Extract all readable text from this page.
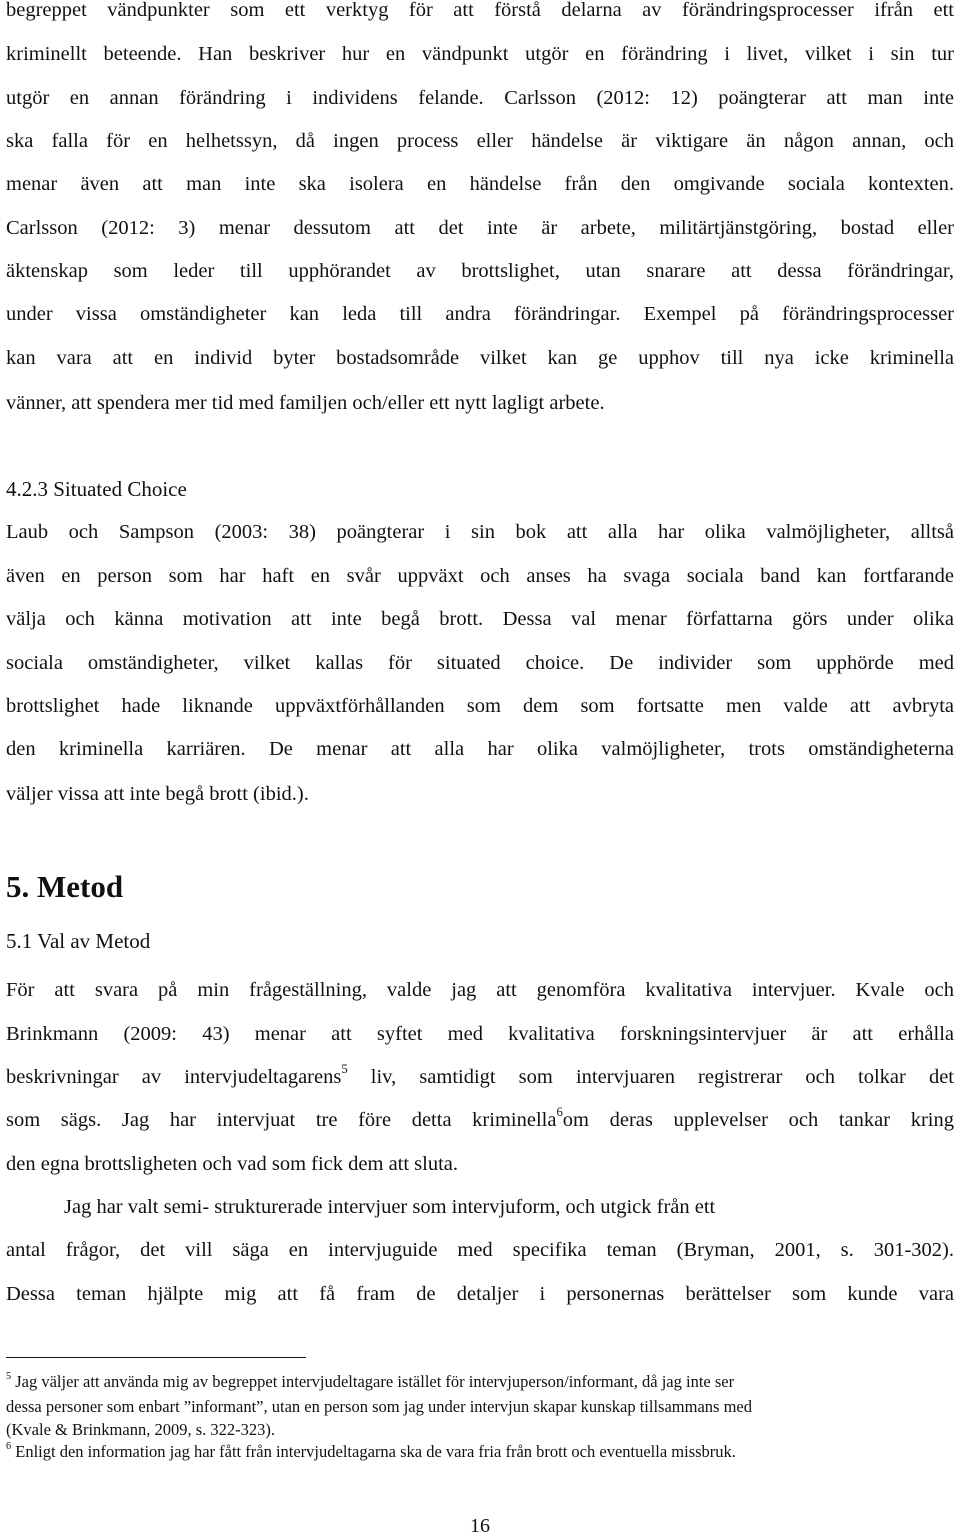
begreppet vändpunkter som ett verktyg för att förstå delarna av förändringsprocesser ifrån ett
kriminellt beteende. Han beskriver hur en vändpunkt utgör en förändring i livet, vilket i sin tur
utgör en annan förändring i individens felande. Carlsson (2012: 12) poängterar att man inte
ska falla för en helhetssyn, då ingen process eller händelse är viktigare än någon annan, och
menar även att man inte ska isolera en händelse från den omgivande sociala kontexten.
Carlsson (2012: 3) menar dessutom att det inte är arbete, militärtjänstgöring, bostad eller
äktenskap som leder till upphörandet av brottslighet, utan snarare att dessa förändringar,
under vissa omständigheter kan leda till andra förändringar. Exempel på förändringsprocesser
kan vara att en individ byter bostadsområde vilket kan ge upphov till nya icke kriminella
vänner, att spendera mer tid med familjen och/eller ett nytt lagligt arbete.
4.2.3 Situated Choice
Laub och Sampson (2003: 38) poängterar i sin bok att alla har olika valmöjligheter, alltså
även en person som har haft en svår uppväxt och anses ha svaga sociala band kan fortfarande
välja och känna motivation att inte begå brott. Dessa val menar författarna görs under olika
sociala omständigheter, vilket kallas för situated choice. De individer som upphörde med
brottslighet hade liknande uppväxtförhållanden som dem som fortsatte men valde att avbryta
den kriminella karriären. De menar att alla har olika valmöjligheter, trots omständigheterna
väljer vissa att inte begå brott (ibid.).
5. Metod
5.1 Val av Metod
För att svara på min frågeställning, valde jag att genomföra kvalitativa intervjuer. Kvale och
Brinkmann (2009: 43) menar att syftet med kvalitativa forskningsintervjuer är att erhålla
beskrivningar av intervjudeltagarens$^5$ liv, samtidigt som intervjuaren registrerar och tolkar det
som sägs. Jag har intervjuat tre före detta kriminella$^6$om deras upplevelser och tankar kring
den egna brottsligheten och vad som fick dem att sluta.
Jag har valt semi- strukturerade intervjuer som intervjuform, och utgick från ett
antal frågor, det vill säga en intervjuguide med specifika teman (Bryman, 2001, s. 301-302).
Dessa teman hjälpte mig att få fram de detaljer i personernas berättelser som kunde vara
$^5$ Jag väljer att använda mig av begreppet intervjudeltagare istället för intervjuperson/informant, då jag inte ser
dessa personer som enbart ”informant”, utan en person som jag under intervjun skapar kunskap tillsammans med
(Kvale & Brinkmann, 2009, s. 322-323).
$^6$ Enligt den information jag har fått från intervjudeltagarna ska de vara fria från brott och eventuella missbruk.
16
